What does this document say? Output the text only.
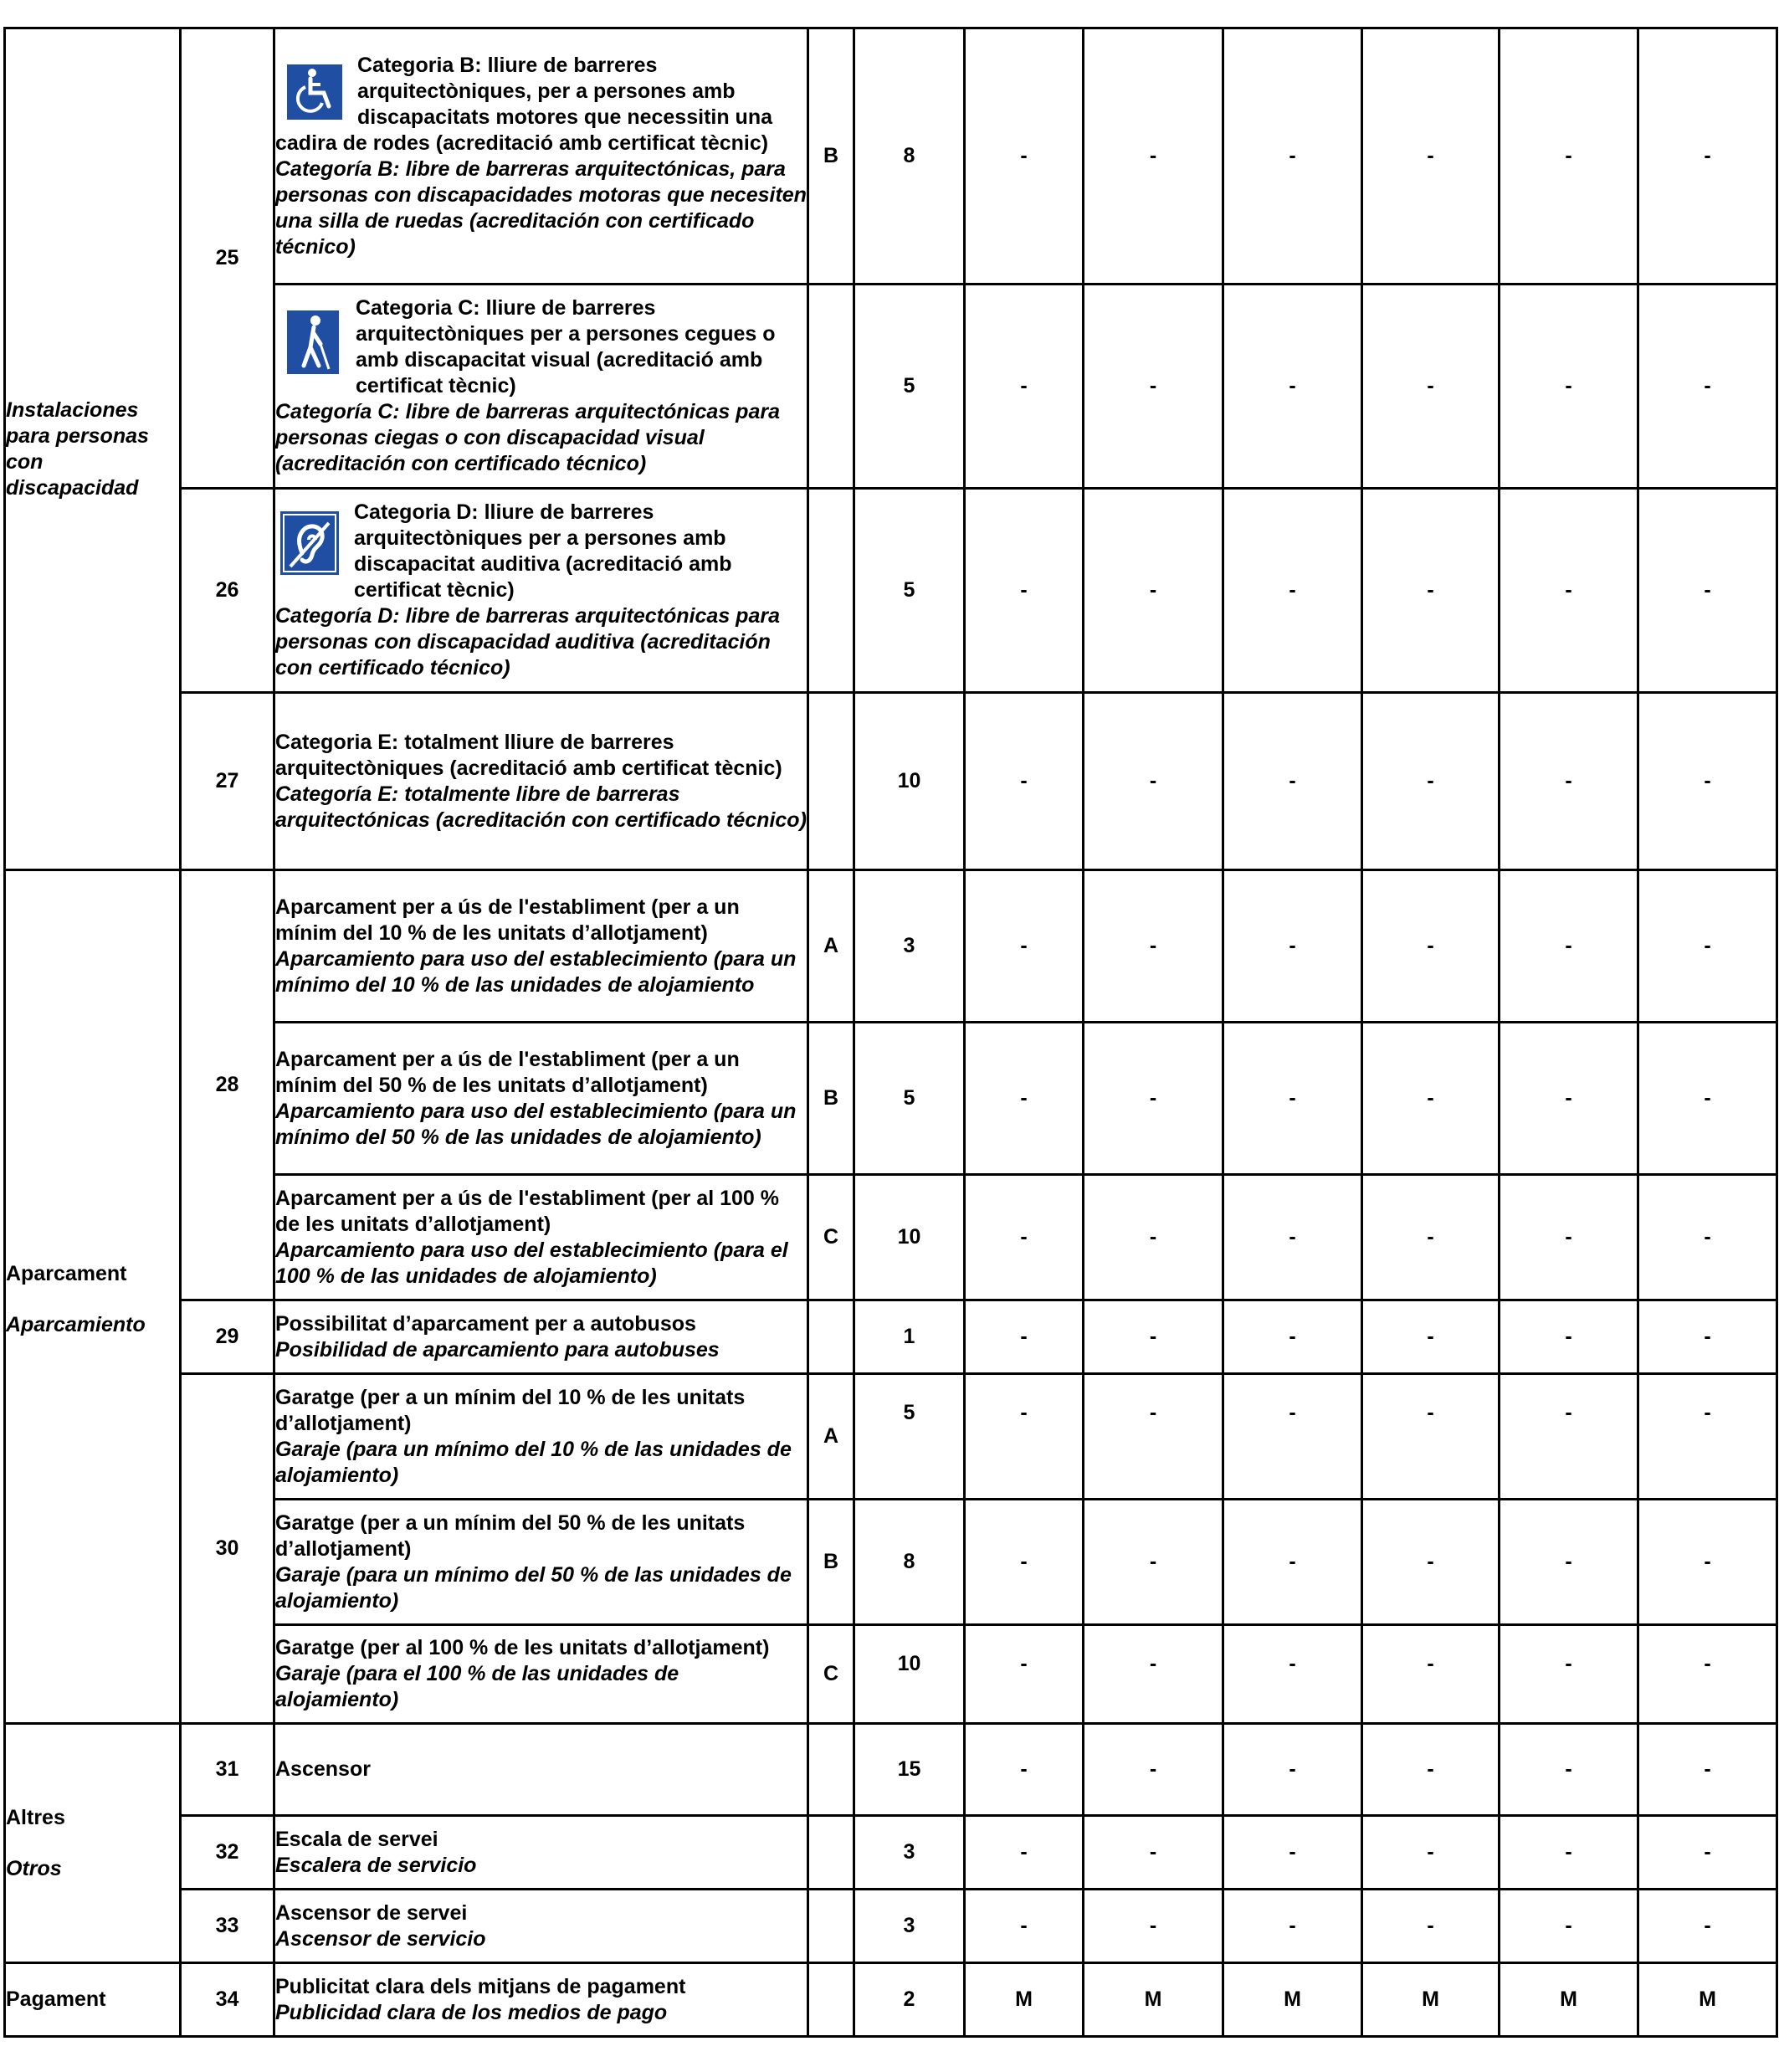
Instalaciones para personas con discapacidad	25	Categoria B: lliure de barreres arquitectòniques, per a persones amb discapacitats motores que necessitin una cadira de rodes (acreditació amb certificat tècnic)
Categoría B: libre de barreras arquitectónicas, para personas con discapacidades motoras que necesiten una silla de ruedas (acreditación con certificado técnico)	B	8	-	-	-	-	-	-

		Categoria C: lliure de barreres arquitectòniques per a persones cegues o amb discapacitat visual (acreditació amb certificat tècnic)
Categoría C: libre de barreras arquitectónicas para personas ciegas o con discapacidad visual (acreditación con certificado técnico)		5	-	-	-	-	-	-
	26	Categoria D: lliure de barreres arquitectòniques per a persones amb discapacitat auditiva (acreditació amb certificat tècnic)
Categoría D: libre de barreras arquitectónicas para personas con discapacidad auditiva (acreditación con certificado técnico)		5	-	-	-	-	-	-
	27	Categoria E: totalment lliure de barreres arquitectòniques (acreditació amb certificat tècnic)
Categoría E: totalmente libre de barreras arquitectónicas (acreditación con certificado técnico)		10	-	-	-	-	-	-

Aparcament
Aparcamiento	28	Aparcament per a ús de l'establiment (per a un mínim del 10 % de les unitats d’allotjament)
Aparcamiento para uso del establecimiento (para un mínimo del 10 % de las unidades de alojamiento	A	3	-	-	-	-	-	-

		Aparcament per a ús de l'establiment (per a un mínim del 50 % de les unitats d’allotjament)
Aparcamiento para uso del establecimiento (para un mínimo del 50 % de las unidades de alojamiento)	B	5	-	-	-	-	-	-

		Aparcament per a ús de l'establiment (per al 100 % de les unitats d’allotjament)
Aparcamiento para uso del establecimiento (para el 100 % de las unidades de alojamiento)	C	10	-	-	-	-	-	-
	29	Possibilitat d’aparcament per a autobusos
Posibilidad de aparcamiento para autobuses		1	-	-	-	-	-	-
	30	Garatge (per a un mínim del 10 % de les unitats d’allotjament)
Garaje (para un mínimo del 10 % de las unidades de alojamiento)	A	5	-	-	-	-	-	-

		Garatge (per a un mínim del 50 % de les unitats d’allotjament)
Garaje (para un mínimo del 50 % de las unidades de alojamiento)	B	8	-	-	-	-	-	-

		Garatge (per al 100 % de les unitats d’allotjament)
Garaje (para el 100 % de las unidades de alojamiento)	C	10	-	-	-	-	-	-

Altres
Otros	31	Ascensor		15	-	-	-	-	-	-
	32	Escala de servei
Escalera de servicio		3	-	-	-	-	-	-
	33	Ascensor de servei
Ascensor de servicio		3	-	-	-	-	-	-

Pagament	34	Publicitat clara dels mitjans de pagament
Publicidad clara de los medios de pago		2	M	M	M	M	M	M
